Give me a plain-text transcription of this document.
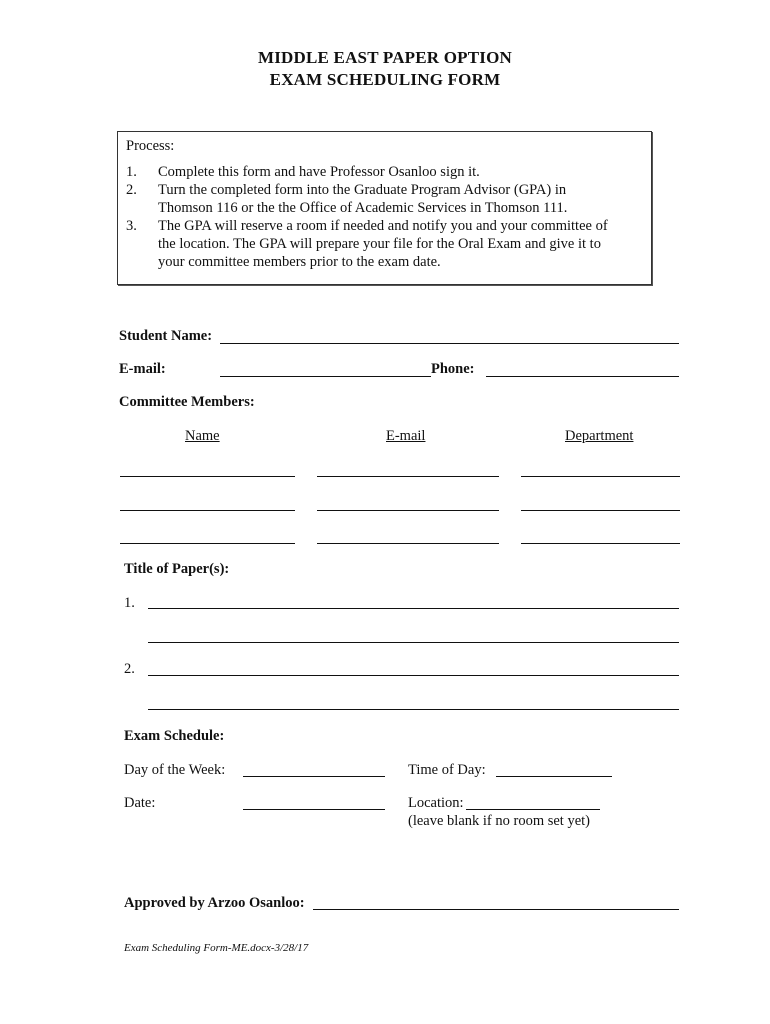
MIDDLE EAST PAPER OPTION
EXAM SCHEDULING FORM
Process:
1. Complete this form and have Professor Osanloo sign it.
2. Turn the completed form into the Graduate Program Advisor (GPA) in
Thomson 116 or the the Office of Academic Services in Thomson 111.
3. The GPA will reserve a room if needed and notify you and your committee of
the location. The GPA will prepare your file for the Oral Exam and give it to
your committee members prior to the exam date.
Student Name:
E-mail:	Phone:
Committee Members:
Name	E-mail	Department
Title of Paper(s):
1.
2.
Exam Schedule:
Day of the Week:	Time of Day:
Date:	Location:
(leave blank if no room set yet)
Approved by Arzoo Osanloo:
Exam Scheduling Form-ME.docx-3/28/17
